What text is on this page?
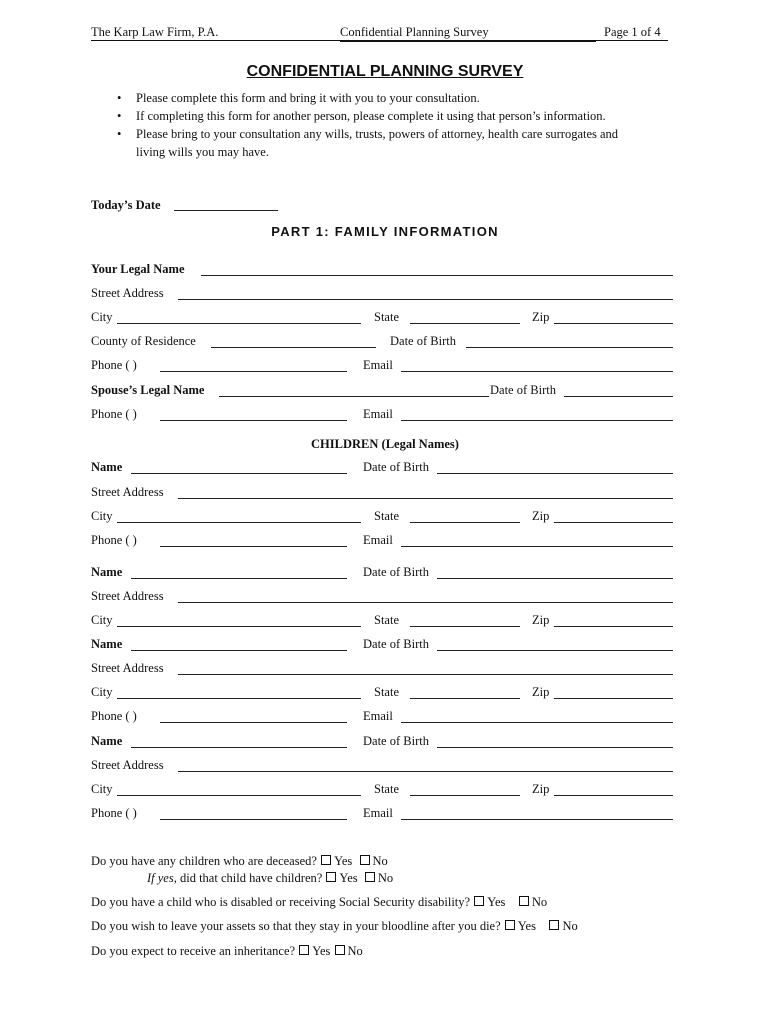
The Karp Law Firm, P.A.	Confidential Planning Survey	Page 1 of 4
CONFIDENTIAL PLANNING SURVEY
• Please complete this form and bring it with you to your consultation.
• If completing this form for another person, please complete it using that person’s information.
• Please bring to your consultation any wills, trusts, powers of attorney, health care surrogates and living wills you may have.
Today’s Date
PART 1: FAMILY INFORMATION
Your Legal Name
Street Address
City	State	Zip
County of Residence	Date of Birth
Phone ( )	Email
Spouse’s Legal Name	Date of Birth
Phone ( )	Email
CHILDREN (Legal Names)
Name	Date of Birth
Street Address
City	State	Zip
Phone ( )	Email
Name	Date of Birth
Street Address
City	State	Zip
Name	Date of Birth
Street Address
City	State	Zip
Phone ( )	Email
Name	Date of Birth
Street Address
City	State	Zip
Phone ( )	Email
Do you have any children who are deceased? Yes No
If yes, did that child have children? Yes No
Do you have a child who is disabled or receiving Social Security disability? Yes No
Do you wish to leave your assets so that they stay in your bloodline after you die? Yes No
Do you expect to receive an inheritance? Yes No
